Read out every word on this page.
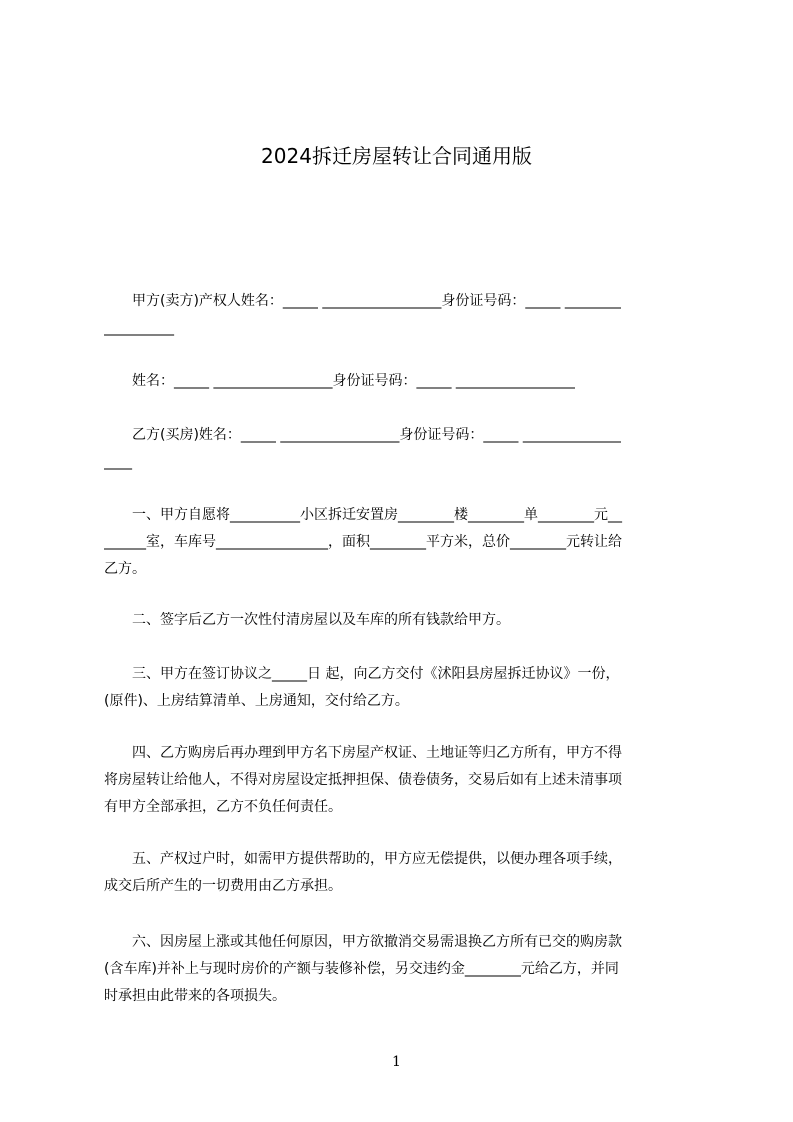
2024拆迁房屋转让合同通用版
　　甲方(卖方)产权人姓名：_____ _________________身份证号码：_____ ________
__________
　　姓名：_____ _________________身份证号码：_____ _________________
　　乙方(买房)姓名：_____ _________________身份证号码：_____ ______________
____
　　一、甲方自愿将__________小区拆迁安置房________楼________单________元__
______室，车库号________________，面积________平方米，总价________元转让给
乙方。
　　二、签字后乙方一次性付清房屋以及车库的所有钱款给甲方。
　　三、甲方在签订协议之_____日 起，向乙方交付《沭阳县房屋拆迁协议》一份，
(原件)、上房结算清单、上房通知，交付给乙方。
　　四、乙方购房后再办理到甲方名下房屋产权证、土地证等归乙方所有，甲方不得
将房屋转让给他人，不得对房屋设定抵押担保、债卷债务，交易后如有上述未清事项
有甲方全部承担，乙方不负任何责任。
　　五、产权过户时，如需甲方提供帮助的，甲方应无偿提供，以便办理各项手续，
成交后所产生的一切费用由乙方承担。
　　六、因房屋上涨或其他任何原因，甲方欲撤消交易需退换乙方所有已交的购房款
(含车库)并补上与现时房价的产额与装修补偿，另交违约金________元给乙方，并同
时承担由此带来的各项损失。
1
